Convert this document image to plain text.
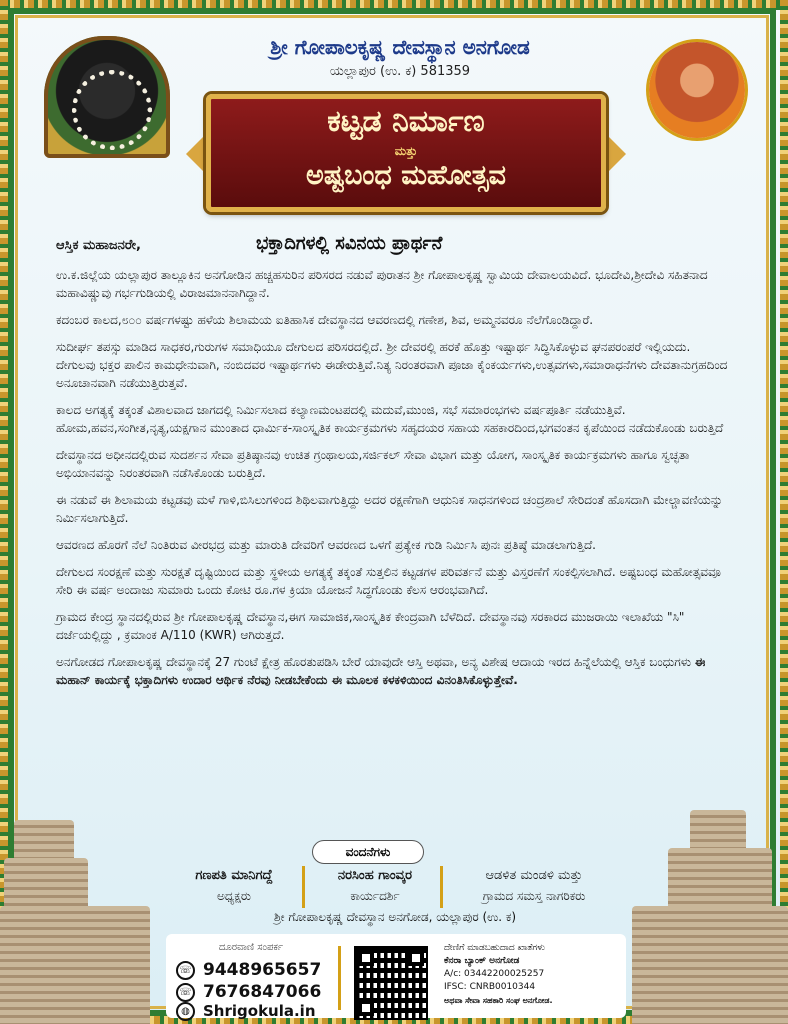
ಶ್ರೀ ಗೋಪಾಲಕೃಷ್ಣ ದೇವಸ್ಥಾನ ಅನಗೋಡ
ಯಲ್ಲಾಪುರ (ಉ. ಕ) 581359
ಕಟ್ಟಡ ನಿರ್ಮಾಣ
ಮತ್ತು
ಅಷ್ಟಬಂಧ ಮಹೋತ್ಸವ
ಆಸ್ತಿಕ ಮಹಾಜನರೇ,	ಭಕ್ತಾದಿಗಳಲ್ಲಿ ಸವಿನಯ ಪ್ರಾರ್ಥನೆ

ಉ.ಕ.ಜಿಲ್ಲೆಯ ಯಲ್ಲಾಪುರ ತಾಲ್ಲೂಕಿನ ಅನಗೋಡಿನ ಹಚ್ಚಹಸುರಿನ ಪರಿಸರದ ನಡುವೆ ಪುರಾತನ ಶ್ರೀ ಗೋಪಾಲಕೃಷ್ಣ ಸ್ವಾಮಿಯ ದೇವಾಲಯವಿದೆ. ಭೂದೇವಿ,ಶ್ರೀದೇವಿ ಸಹಿತನಾದ ಮಹಾವಿಷ್ಣುವು ಗರ್ಭಗುಡಿಯಲ್ಲಿ ವಿರಾಜಮಾನನಾಗಿದ್ದಾನೆ.

ಕದಂಬರ ಕಾಲದ,೮೦೦ ವರ್ಷಗಳಷ್ಟು ಹಳೆಯ ಶಿಲಾಮಯ ಐತಿಹಾಸಿಕ ದೇವಸ್ಥಾನದ ಆವರಣದಲ್ಲಿ ಗಣೇಶ, ಶಿವ, ಅಮ್ಮನವರೂ ನೆಲೆಗೊಂಡಿದ್ದಾರೆ.

ಸುದೀರ್ಘ ತಪಸ್ಸು ಮಾಡಿದ ಸಾಧಕರ,ಗುರುಗಳ ಸಮಾಧಿಯೂ ದೇಗುಲದ ಪರಿಸರದಲ್ಲಿದೆ. ಶ್ರೀ ದೇವರಲ್ಲಿ ಹರಕೆ ಹೊತ್ತು ಇಷ್ಟಾರ್ಥ ಸಿದ್ಧಿಸಿಕೊಳ್ಳುವ ಘನಪರಂಪರೆ ಇಲ್ಲಿಯದು. ದೇಗುಲವು ಭಕ್ತರ ಪಾಲಿನ ಕಾಮಧೇನುವಾಗಿ, ನಂಬಿದವರ ಇಷ್ಟಾರ್ಥಗಳು ಈಡೇರುತ್ತಿವೆ.ನಿತ್ಯ ನಿರಂತರವಾಗಿ ಪೂಜಾ ಕೈಂಕರ್ಯಗಳು,ಉತ್ಸವಗಳು,ಸಮಾರಾಧನೆಗಳು ದೇವತಾನುಗ್ರಹದಿಂದ ಅನೂಚಾನವಾಗಿ ನಡೆಯುತ್ತಿರುತ್ತವೆ.

ಕಾಲದ ಅಗತ್ಯಕ್ಕೆ ತಕ್ಕಂತೆ ವಿಶಾಲವಾದ ಜಾಗದಲ್ಲಿ ನಿರ್ಮಿಸಲಾದ ಕಲ್ಯಾಣಮಂಟಪದಲ್ಲಿ ಮದುವೆ,ಮುಂಜಿ, ಸಭೆ ಸಮಾರಂಭಗಳು ವರ್ಷಪೂರ್ತಿ ನಡೆಯುತ್ತಿವೆ. ಹೋಮ,ಹವನ,ಸಂಗೀತ,ನೃತ್ಯ,ಯಕ್ಷಗಾನ ಮುಂತಾದ ಧಾರ್ಮಿಕ-ಸಾಂಸ್ಕೃತಿಕ ಕಾರ್ಯಕ್ರಮಗಳು ಸಹೃದಯರ ಸಹಾಯ ಸಹಕಾರದಿಂದ,ಭಗವಂತನ ಕೃಪೆಯಿಂದ ನಡೆದುಕೊಂಡು ಬರುತ್ತಿದೆ

ದೇವಸ್ಥಾನದ ಅಧೀನದಲ್ಲಿರುವ ಸುದರ್ಶನ ಸೇವಾ ಪ್ರತಿಷ್ಠಾನವು ಉಚಿತ ಗ್ರಂಥಾಲಯ,ಸರ್ಜಿಕಲ್ ಸೇವಾ ವಿಭಾಗ ಮತ್ತು ಯೋಗ, ಸಾಂಸ್ಕೃತಿಕ ಕಾರ್ಯಕ್ರಮಗಳು ಹಾಗೂ ಸ್ವಚ್ಛತಾ ಅಭಿಯಾನವನ್ನು ನಿರಂತರವಾಗಿ ನಡೆಸಿಕೊಂಡು ಬರುತ್ತಿದೆ.

ಈ ನಡುವೆ ಈ ಶಿಲಾಮಯ ಕಟ್ಟಡವು ಮಳೆ ಗಾಳಿ,ಬಿಸಿಲುಗಳಿಂದ ಶಿಥಿಲವಾಗುತ್ತಿದ್ದು ಅದರ ರಕ್ಷಣೆಗಾಗಿ ಆಧುನಿಕ ಸಾಧನಗಳಿಂದ ಚಂದ್ರಶಾಲೆ ಸೇರಿದಂತೆ ಹೊಸದಾಗಿ ಮೇಲ್ಚಾವಣಿಯನ್ನು ನಿರ್ಮಿಸಲಾಗುತ್ತಿದೆ.

ಆವರಣದ ಹೊರಗೆ ನೆಲೆ ನಿಂತಿರುವ ವೀರಭದ್ರ ಮತ್ತು ಮಾರುತಿ ದೇವರಿಗೆ ಆವರಣದ ಒಳಗೆ ಪ್ರತ್ಯೇಕ ಗುಡಿ ನಿರ್ಮಿಸಿ ಪುನಃ ಪ್ರತಿಷ್ಠೆ ಮಾಡಲಾಗುತ್ತಿದೆ.

ದೇಗುಲದ ಸಂರಕ್ಷಣೆ ಮತ್ತು ಸುರಕ್ಷತೆ ದೃಷ್ಟಿಯಿಂದ ಮತ್ತು ಸ್ಥಳೀಯ ಅಗತ್ಯಕ್ಕೆ ತಕ್ಕಂತೆ ಸುತ್ತಲಿನ ಕಟ್ಟಡಗಳ ಪರಿವರ್ತನೆ ಮತ್ತು ವಿಸ್ತರಣೆಗೆ ಸಂಕಲ್ಪಿಸಲಾಗಿದೆ. ಅಷ್ಟಬಂಧ ಮಹೋತ್ಸವವೂ ಸೇರಿ ಈ ವರ್ಷ ಅಂದಾಜು ಸುಮಾರು ಒಂದು ಕೋಟಿ ರೂ.ಗಳ ಕ್ರಿಯಾ ಯೋಜನೆ ಸಿದ್ಧಗೊಂಡು ಕೆಲಸ ಆರಂಭವಾಗಿದೆ.

ಗ್ರಾಮದ ಕೇಂದ್ರ ಸ್ಥಾನದಲ್ಲಿರುವ ಶ್ರೀ ಗೋಪಾಲಕೃಷ್ಣ ದೇವಸ್ಥಾನ,ಈಗ ಸಾಮಾಜಿಕ,ಸಾಂಸ್ಕೃತಿಕ ಕೇಂದ್ರವಾಗಿ ಬೆಳೆದಿದೆ. ದೇವಸ್ಥಾನವು ಸರಕಾರದ ಮುಜರಾಯಿ ಇಲಾಖೆಯ "ಸಿ" ದರ್ಜೆಯಲ್ಲಿದ್ದು , ಕ್ರಮಾಂಕ A/110 (KWR) ಆಗಿರುತ್ತದೆ.

ಅನಗೋಡದ ಗೋಪಾಲಕೃಷ್ಣ ದೇವಸ್ಥಾನಕ್ಕೆ 27 ಗುಂಟೆ ಕ್ಷೇತ್ರ ಹೊರತುಪಡಿಸಿ ಬೇರೆ ಯಾವುದೇ ಆಸ್ತಿ ಅಥವಾ, ಅನ್ಯ ವಿಶೇಷ ಆದಾಯ ಇರದ ಹಿನ್ನೆಲೆಯಲ್ಲಿ ಆಸ್ತಿಕ ಬಂಧುಗಳು ಈ ಮಹಾನ್ ಕಾರ್ಯಕ್ಕೆ ಭಕ್ತಾದಿಗಳು ಉದಾರ ಆರ್ಥಿಕ ನೆರವು ನೀಡಬೇಕೆಂದು ಈ ಮೂಲಕ ಕಳಕಳಿಯಿಂದ ವಿನಂತಿಸಿಕೊಳ್ಳುತ್ತೇವೆ.

ವಂದನೆಗಳು
ಗಣಪತಿ ಮಾನಿಗದ್ದೆ
ಅಧ್ಯಕ್ಷರು
ನರಸಿಂಹ ಗಾಂವ್ಕರ
ಕಾರ್ಯದರ್ಶಿ
ಆಡಳಿತ ಮಂಡಳಿ ಮತ್ತು
ಗ್ರಾಮದ ಸಮಸ್ತ ನಾಗರಿಕರು
ಶ್ರೀ ಗೋಪಾಲಕೃಷ್ಣ ದೇವಸ್ಥಾನ ಅನಗೋಡ, ಯಲ್ಲಾಪುರ (ಉ. ಕ)
ದೂರವಾಣಿ ಸಂಪರ್ಕ
☏ 9448965657
☏ 7676847066
◍ Shrigokula.in
ದೇಣಿಗೆ ಮಾಡಬಹುದಾದ ಖಾತೆಗಳು
ಕೆನರಾ ಬ್ಯಾಂಕ್ ಅನಗೋಡ
A/c: 03442200025257
IFSC: CNRB0010344
ಅಥವಾ ಸೇವಾ ಸಹಕಾರಿ ಸಂಘ ಅನಗೋಡ.
